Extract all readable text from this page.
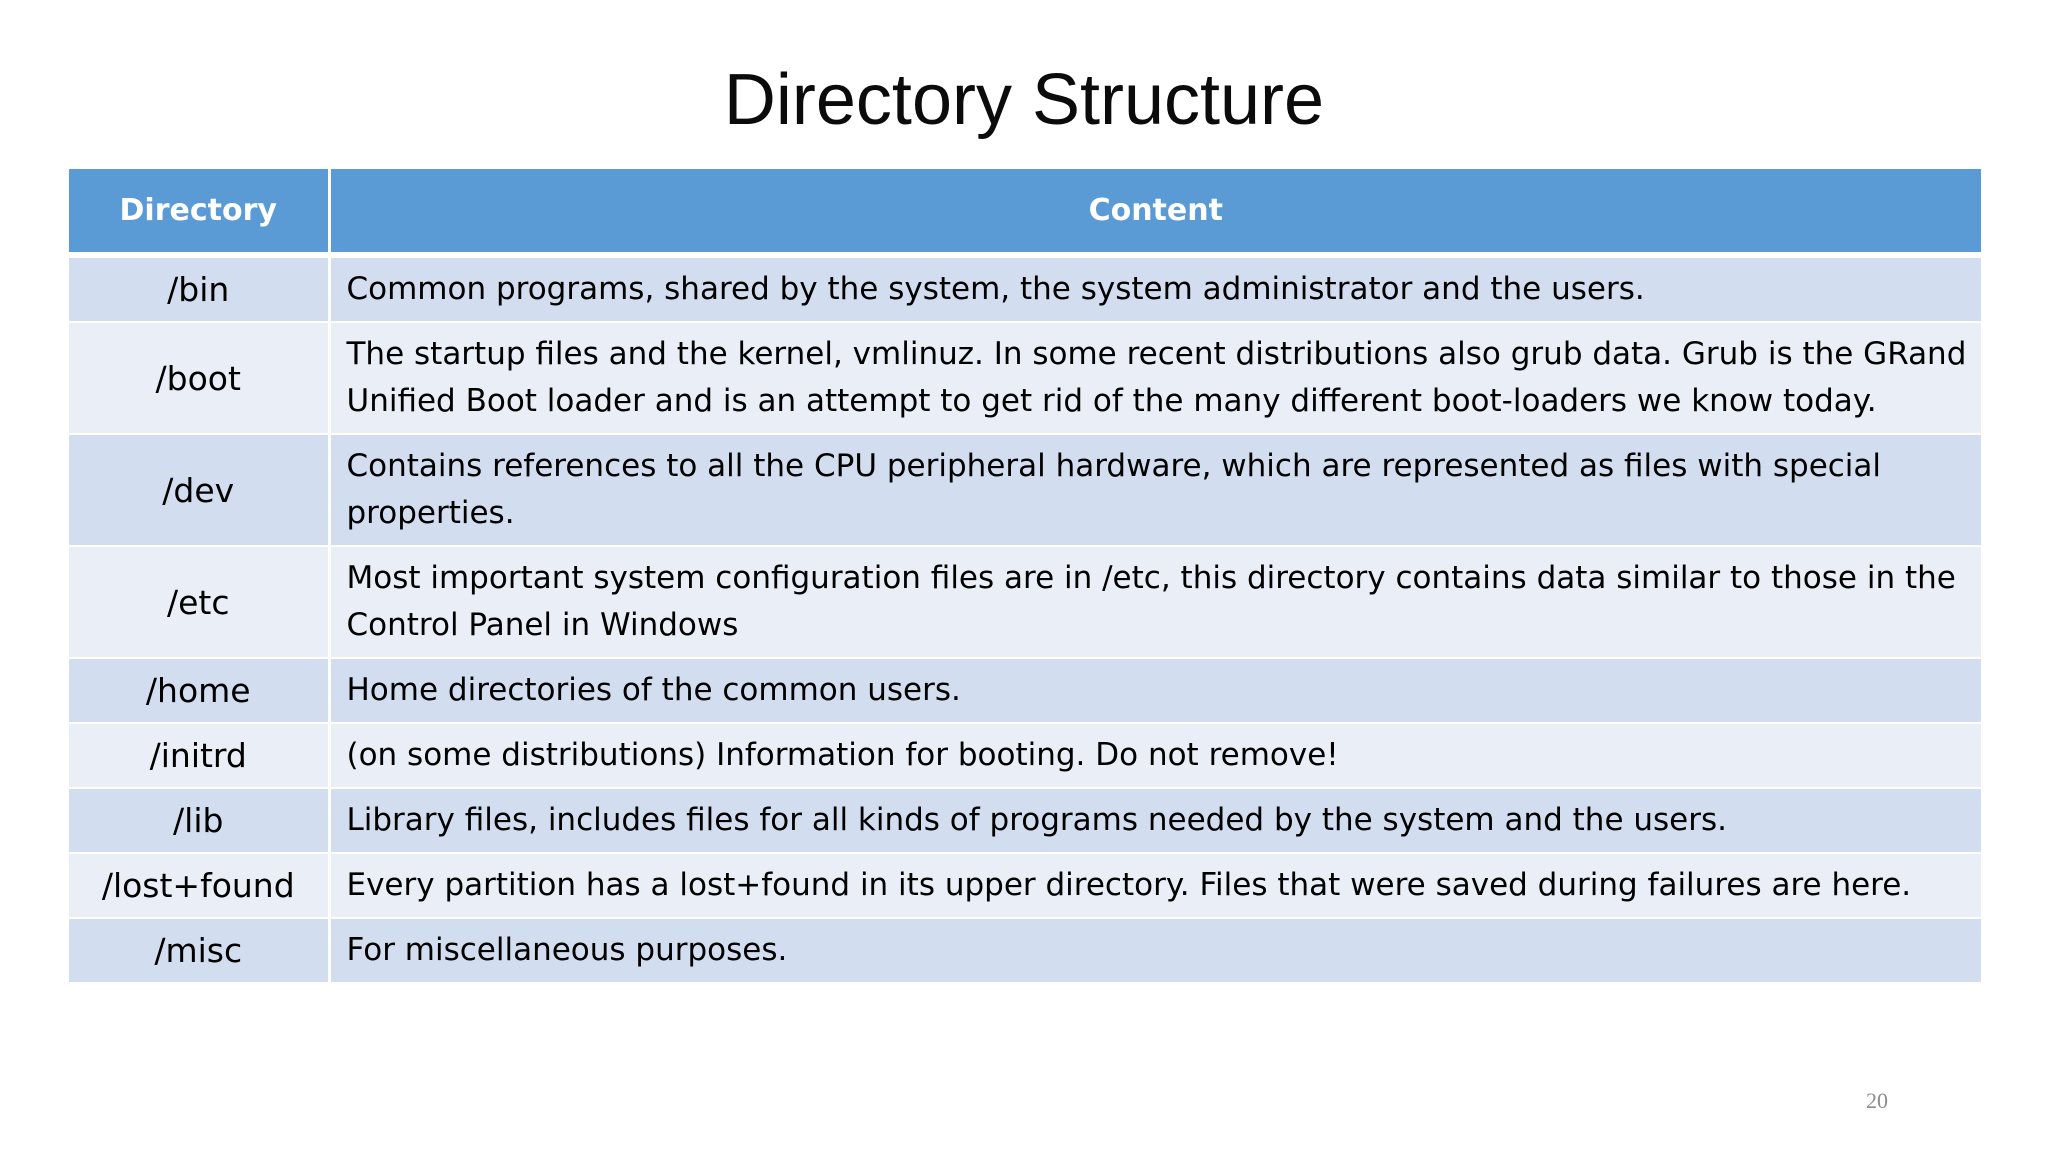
Directory Structure
Directory	Content
/bin	Common programs, shared by the system, the system administrator and the users.
/boot	The startup files and the kernel, vmlinuz. In some recent distributions also grub data. Grub is the GRand Unified Boot loader and is an attempt to get rid of the many different boot-loaders we know today.
/dev	Contains references to all the CPU peripheral hardware, which are represented as files with special properties.
/etc	Most important system configuration files are in /etc, this directory contains data similar to those in the Control Panel in Windows
/home	Home directories of the common users.
/initrd	(on some distributions) Information for booting. Do not remove!
/lib	Library files, includes files for all kinds of programs needed by the system and the users.
/lost+found	Every partition has a lost+found in its upper directory. Files that were saved during failures are here.
/misc	For miscellaneous purposes.
20
